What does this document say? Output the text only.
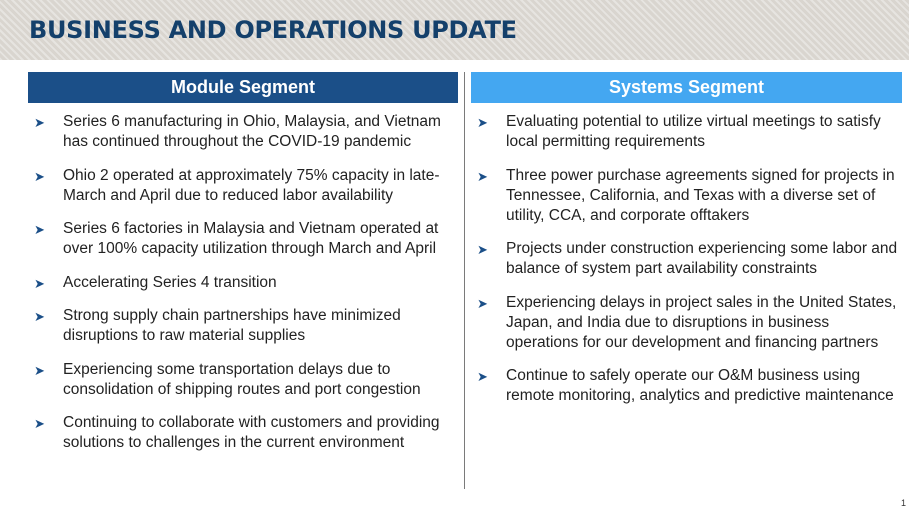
BUSINESS AND OPERATIONS UPDATE
Module Segment	Systems Segment
➤ Series 6 manufacturing in Ohio, Malaysia, and Vietnam has continued throughout the COVID-19 pandemic
➤ Ohio 2 operated at approximately 75% capacity in late-March and April due to reduced labor availability
➤ Series 6 factories in Malaysia and Vietnam operated at over 100% capacity utilization through March and April
➤ Accelerating Series 4 transition
➤ Strong supply chain partnerships have minimized disruptions to raw material supplies
➤ Experiencing some transportation delays due to consolidation of shipping routes and port congestion
➤ Continuing to collaborate with customers and providing solutions to challenges in the current environment
➤ Evaluating potential to utilize virtual meetings to satisfy local permitting requirements
➤ Three power purchase agreements signed for projects in Tennessee, California, and Texas with a diverse set of utility, CCA, and corporate offtakers
➤ Projects under construction experiencing some labor and balance of system part availability constraints
➤ Experiencing delays in project sales in the United States, Japan, and India due to disruptions in business operations for our development and financing partners
➤ Continue to safely operate our O&M business using remote monitoring, analytics and predictive maintenance
1
